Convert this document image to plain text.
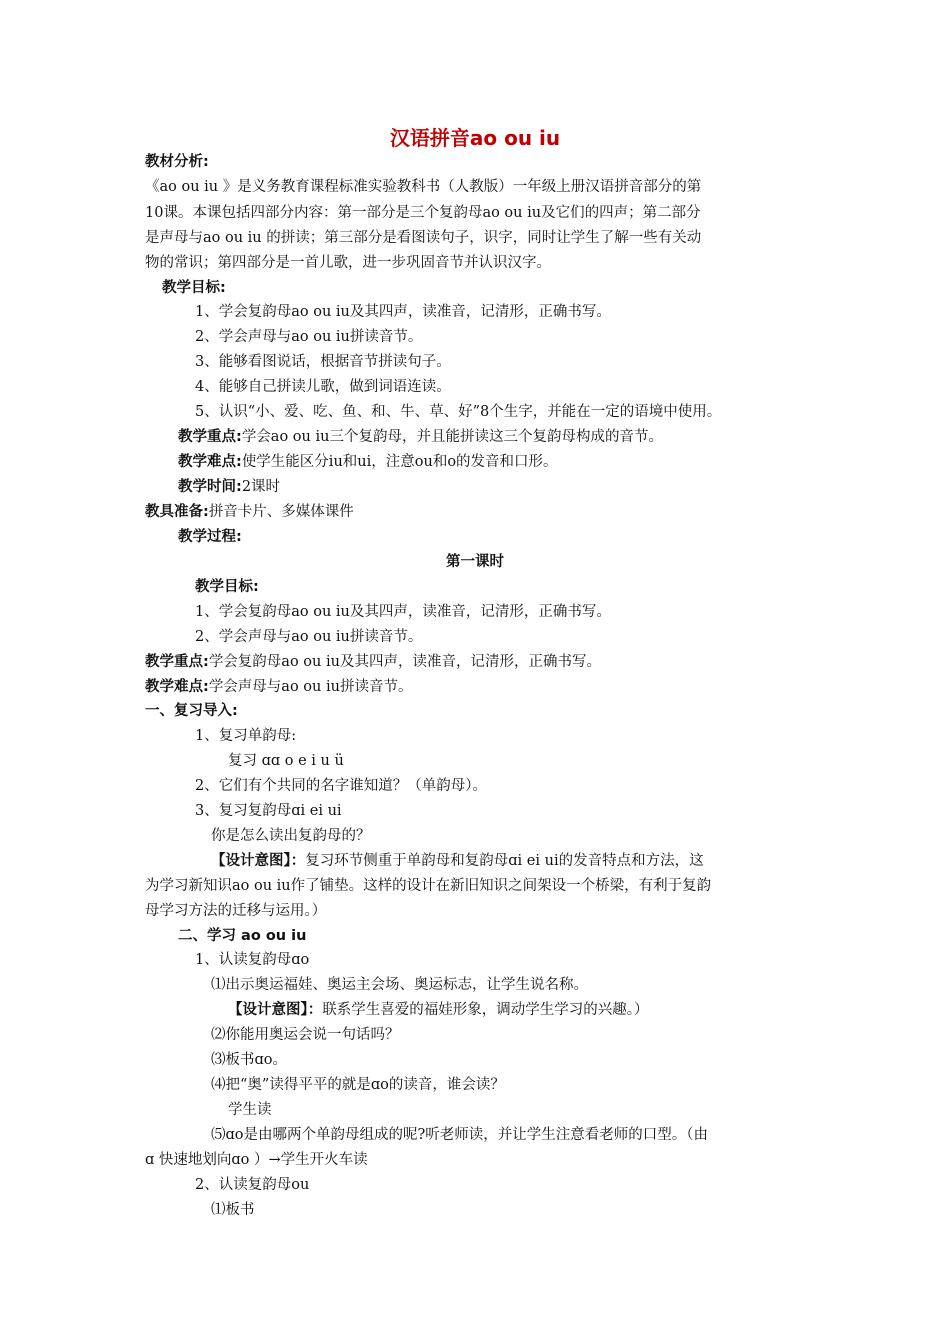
汉语拼音ao ou iu
教材分析:
《ao ou iu 》是义务教育课程标准实验教科书（人教版）一年级上册汉语拼音部分的第
10课。本课包括四部分内容：第一部分是三个复韵母ao ou iu及它们的四声；第二部分
是声母与ao ou iu 的拼读；第三部分是看图读句子，识字，同时让学生了解一些有关动
物的常识；第四部分是一首儿歌，进一步巩固音节并认识汉字。
教学目标:
1、学会复韵母ao ou iu及其四声，读准音，记清形，正确书写。
2、学会声母与ao ou iu拼读音节。
3、能够看图说话，根据音节拼读句子。
4、能够自己拼读儿歌，做到词语连读。
5、认识“小、爱、吃、鱼、和、牛、草、好”8个生字，并能在一定的语境中使用。
教学重点:学会ao ou iu三个复韵母，并且能拼读这三个复韵母构成的音节。
教学难点:使学生能区分iu和ui，注意ou和o的发音和口形。
教学时间:2课时
教具准备:拼音卡片、多媒体课件
教学过程:
第一课时
教学目标:
1、学会复韵母ao ou iu及其四声，读准音，记清形，正确书写。
2、学会声母与ao ou iu拼读音节。
教学重点:学会复韵母ao ou iu及其四声，读准音，记清形，正确书写。
教学难点:学会声母与ao ou iu拼读音节。
一、复习导入:
1、复习单韵母:
复习 ɑɑ o e i u ü
2、它们有个共同的名字谁知道？（单韵母）。
3、复习复韵母ɑi ei ui
你是怎么读出复韵母的？
【设计意图】：复习环节侧重于单韵母和复韵母ɑi ei ui的发音特点和方法，这
为学习新知识ao ou iu作了铺垫。这样的设计在新旧知识之间架设一个桥梁，有利于复韵
母学习方法的迁移与运用。）
二、学习 ao ou iu
1、认读复韵母ɑo
⑴出示奥运福娃、奥运主会场、奥运标志，让学生说名称。
【设计意图】：联系学生喜爱的福娃形象，调动学生学习的兴趣。）
⑵你能用奥运会说一句话吗？
⑶板书ɑo。
⑷把“奥”读得平平的就是ɑo的读音，谁会读？
学生读
⑸ɑo是由哪两个单韵母组成的呢?听老师读，并让学生注意看老师的口型。（由
ɑ 快速地划向ɑo ）→学生开火车读
2、认读复韵母ou
⑴板书
